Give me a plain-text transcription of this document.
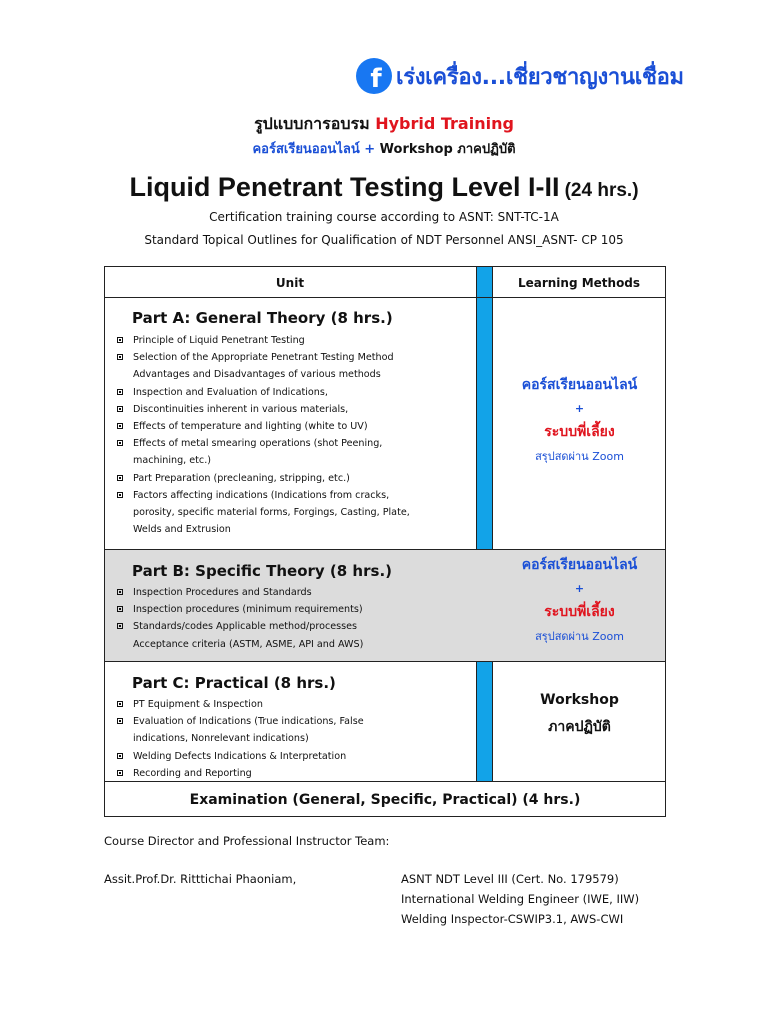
f เร่งเครื่อง...เชี่ยวชาญงานเชื่อม
รูปแบบการอบรม Hybrid Training
คอร์สเรียนออนไลน์ + Workshop ภาคปฏิบัติ
Liquid Penetrant Testing Level I-II (24 hrs.)
Certification training course according to ASNT: SNT-TC-1A
Standard Topical Outlines for Qualification of NDT Personnel ANSI_ASNT- CP 105
Unit	Learning Methods
Part A: General Theory (8 hrs.)
Principle of Liquid Penetrant Testing
Selection of the Appropriate Penetrant Testing Method
Advantages and Disadvantages of various methods
Inspection and Evaluation of Indications,
Discontinuities inherent in various materials,
Effects of temperature and lighting (white to UV)
Effects of metal smearing operations (shot Peening,
machining, etc.)
Part Preparation (precleaning, stripping, etc.)
Factors affecting indications (Indications from cracks,
porosity, specific material forms, Forgings, Casting, Plate,
Welds and Extrusion
คอร์สเรียนออนไลน์
+
ระบบพี่เลี้ยง
สรุปสดผ่าน Zoom
Part B: Specific Theory (8 hrs.)
Inspection Procedures and Standards
Inspection procedures (minimum requirements)
Standards/codes Applicable method/processes
Acceptance criteria (ASTM, ASME, API and AWS)
คอร์สเรียนออนไลน์
+
ระบบพี่เลี้ยง
สรุปสดผ่าน Zoom
Part C: Practical (8 hrs.)
PT Equipment & Inspection
Evaluation of Indications (True indications, False
indications, Nonrelevant indications)
Welding Defects Indications & Interpretation
Recording and Reporting
Workshop
ภาคปฏิบัติ
Examination (General, Specific, Practical) (4 hrs.)
Course Director and Professional Instructor Team:
Assit.Prof.Dr. Ritttichai Phaoniam,	ASNT NDT Level III (Cert. No. 179579)
International Welding Engineer (IWE, IIW)
Welding Inspector-CSWIP3.1, AWS-CWI
